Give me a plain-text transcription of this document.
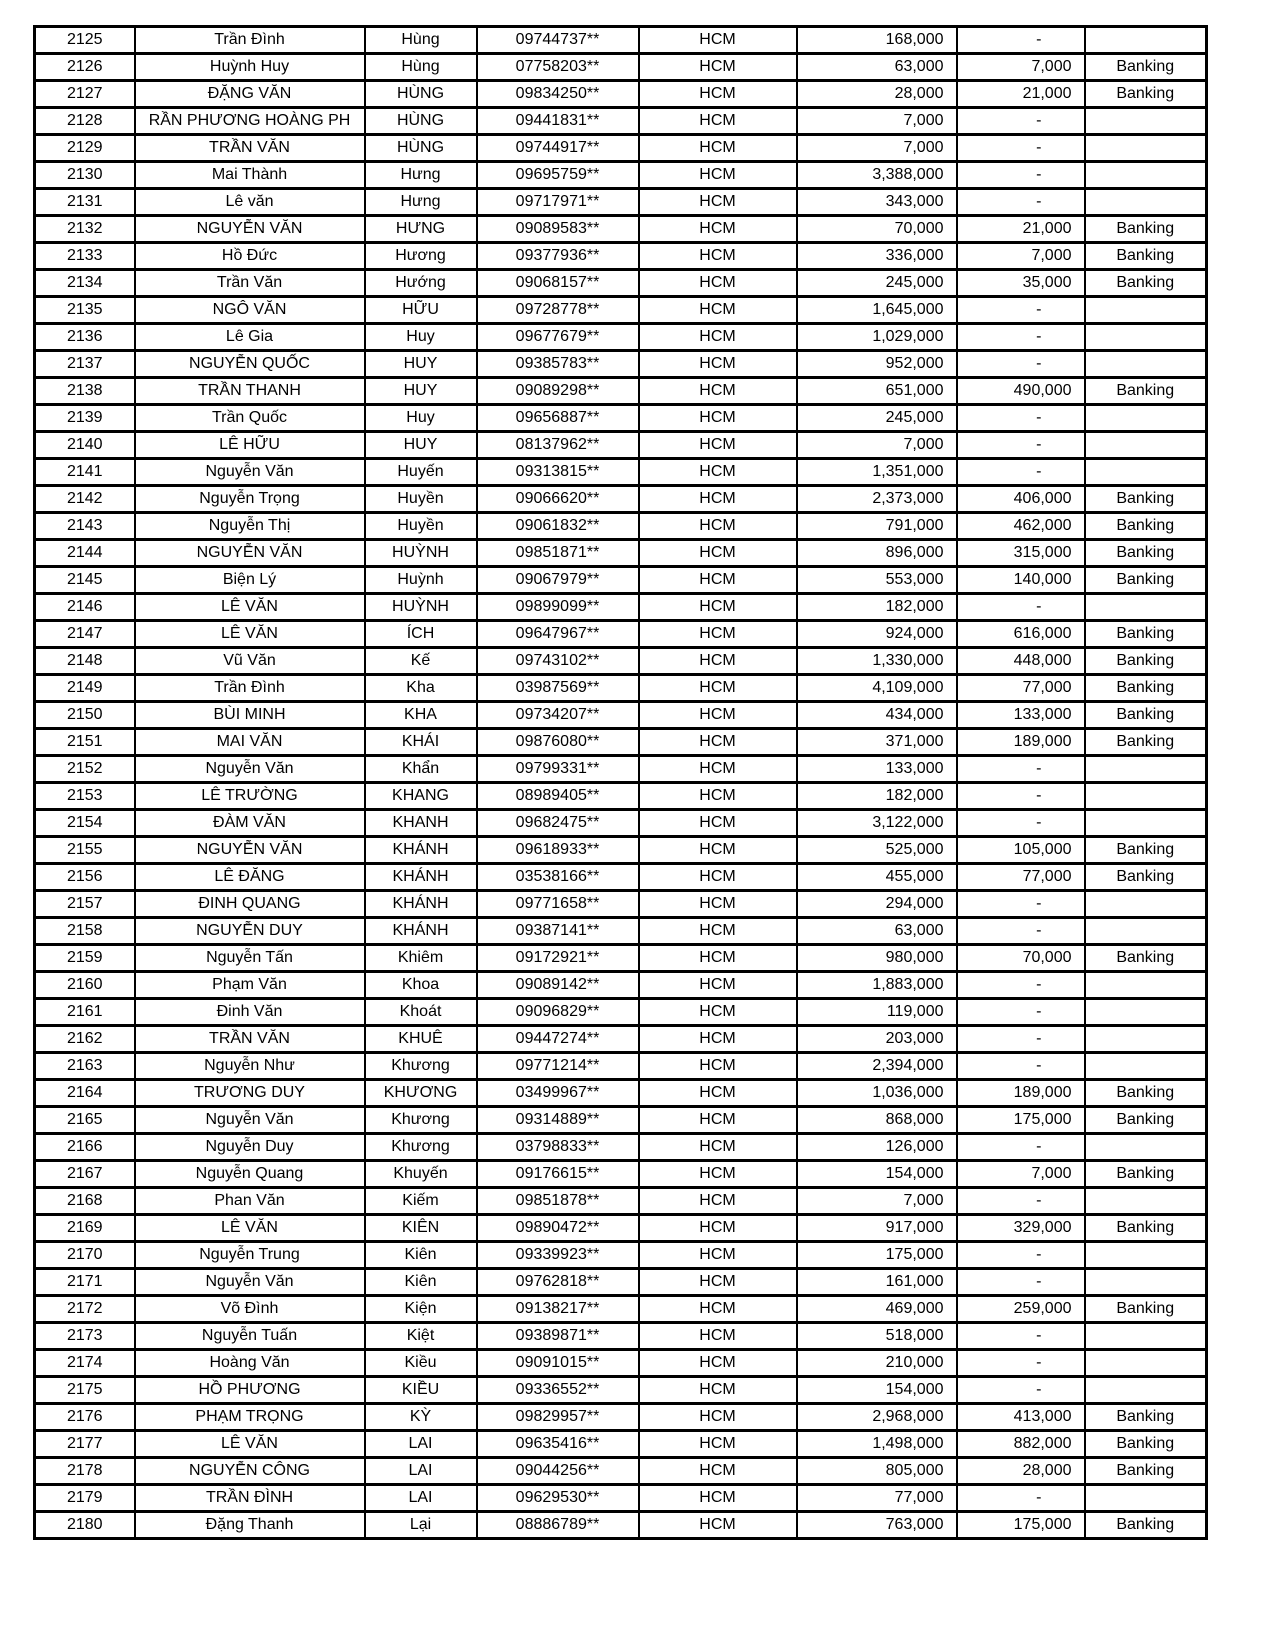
2125	Trần Đình	Hùng	09744737**	HCM	168,000	-	
2126	Huỳnh Huy	Hùng	07758203**	HCM	63,000	7,000	Banking
2127	ĐẶNG VĂN	HÙNG	09834250**	HCM	28,000	21,000	Banking
2128	RẦN PHƯƠNG HOÀNG PH	HÙNG	09441831**	HCM	7,000	-	
2129	TRẦN VĂN	HÙNG	09744917**	HCM	7,000	-	
2130	Mai Thành	Hưng	09695759**	HCM	3,388,000	-	
2131	Lê văn	Hưng	09717971**	HCM	343,000	-	
2132	NGUYỄN VĂN	HƯNG	09089583**	HCM	70,000	21,000	Banking
2133	Hồ Đức	Hương	09377936**	HCM	336,000	7,000	Banking
2134	Trần Văn	Hướng	09068157**	HCM	245,000	35,000	Banking
2135	NGÔ VĂN	HỮU	09728778**	HCM	1,645,000	-	
2136	Lê Gia	Huy	09677679**	HCM	1,029,000	-	
2137	NGUYỄN QUỐC	HUY	09385783**	HCM	952,000	-	
2138	TRẦN THANH	HUY	09089298**	HCM	651,000	490,000	Banking
2139	Trần Quốc	Huy	09656887**	HCM	245,000	-	
2140	LÊ HỮU	HUY	08137962**	HCM	7,000	-	
2141	Nguyễn Văn	Huyến	09313815**	HCM	1,351,000	-	
2142	Nguyễn Trọng	Huyền	09066620**	HCM	2,373,000	406,000	Banking
2143	Nguyễn Thị	Huyền	09061832**	HCM	791,000	462,000	Banking
2144	NGUYỄN VĂN	HUỲNH	09851871**	HCM	896,000	315,000	Banking
2145	Biện Lý	Huỳnh	09067979**	HCM	553,000	140,000	Banking
2146	LÊ VĂN	HUỲNH	09899099**	HCM	182,000	-	
2147	LÊ VĂN	ÍCH	09647967**	HCM	924,000	616,000	Banking
2148	Vũ Văn	Kế	09743102**	HCM	1,330,000	448,000	Banking
2149	Trần Đình	Kha	03987569**	HCM	4,109,000	77,000	Banking
2150	BÙI MINH	KHA	09734207**	HCM	434,000	133,000	Banking
2151	MAI VĂN	KHÁI	09876080**	HCM	371,000	189,000	Banking
2152	Nguyễn Văn	Khẩn	09799331**	HCM	133,000	-	
2153	LÊ TRƯỜNG	KHANG	08989405**	HCM	182,000	-	
2154	ĐÀM VĂN	KHANH	09682475**	HCM	3,122,000	-	
2155	NGUYỄN VĂN	KHÁNH	09618933**	HCM	525,000	105,000	Banking
2156	LÊ ĐĂNG	KHÁNH	03538166**	HCM	455,000	77,000	Banking
2157	ĐINH QUANG	KHÁNH	09771658**	HCM	294,000	-	
2158	NGUYỄN DUY	KHÁNH	09387141**	HCM	63,000	-	
2159	Nguyễn Tấn	Khiêm	09172921**	HCM	980,000	70,000	Banking
2160	Phạm Văn	Khoa	09089142**	HCM	1,883,000	-	
2161	Đinh Văn	Khoát	09096829**	HCM	119,000	-	
2162	TRẦN VĂN	KHUÊ	09447274**	HCM	203,000	-	
2163	Nguyễn Như	Khương	09771214**	HCM	2,394,000	-	
2164	TRƯƠNG DUY	KHƯƠNG	03499967**	HCM	1,036,000	189,000	Banking
2165	Nguyễn Văn	Khương	09314889**	HCM	868,000	175,000	Banking
2166	Nguyễn Duy	Khương	03798833**	HCM	126,000	-	
2167	Nguyễn Quang	Khuyến	09176615**	HCM	154,000	7,000	Banking
2168	Phan Văn	Kiếm	09851878**	HCM	7,000	-	
2169	LÊ VĂN	KIÊN	09890472**	HCM	917,000	329,000	Banking
2170	Nguyễn Trung	Kiên	09339923**	HCM	175,000	-	
2171	Nguyễn Văn	Kiên	09762818**	HCM	161,000	-	
2172	Võ Đình	Kiện	09138217**	HCM	469,000	259,000	Banking
2173	Nguyễn Tuấn	Kiệt	09389871**	HCM	518,000	-	
2174	Hoàng Văn	Kiều	09091015**	HCM	210,000	-	
2175	HỒ PHƯƠNG	KIỀU	09336552**	HCM	154,000	-	
2176	PHẠM TRỌNG	KỲ	09829957**	HCM	2,968,000	413,000	Banking
2177	LÊ VĂN	LAI	09635416**	HCM	1,498,000	882,000	Banking
2178	NGUYỄN CÔNG	LAI	09044256**	HCM	805,000	28,000	Banking
2179	TRẦN ĐÌNH	LAI	09629530**	HCM	77,000	-	
2180	Đặng Thanh	Lại	08886789**	HCM	763,000	175,000	Banking
